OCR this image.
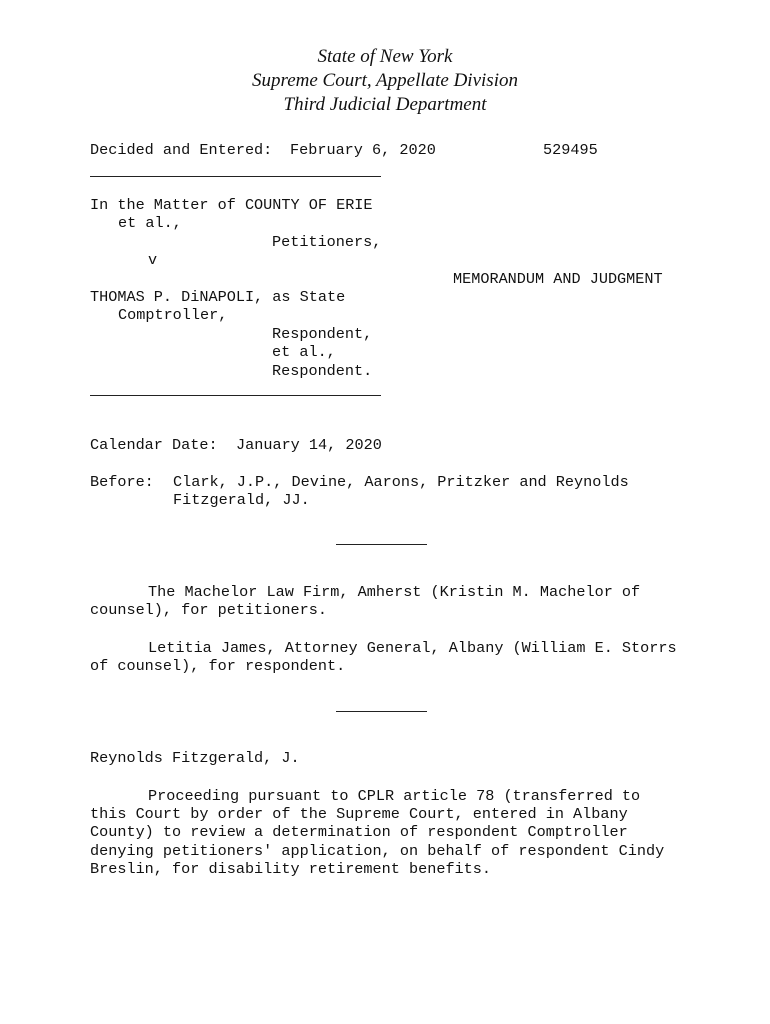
State of New York
Supreme Court, Appellate Division
Third Judicial Department
Decided and Entered: February 6, 2020	529495
In the Matter of COUNTY OF ERIE
et al.,
Petitioners,
v
THOMAS P. DiNAPOLI, as State
Comptroller,
Respondent,
et al.,
Respondent.
MEMORANDUM AND JUDGMENT
Calendar Date: January 14, 2020
Before: Clark, J.P., Devine, Aarons, Pritzker and Reynolds
Fitzgerald, JJ.
The Machelor Law Firm, Amherst (Kristin M. Machelor of
counsel), for petitioners.
Letitia James, Attorney General, Albany (William E. Storrs
of counsel), for respondent.
Reynolds Fitzgerald, J.
Proceeding pursuant to CPLR article 78 (transferred to
this Court by order of the Supreme Court, entered in Albany
County) to review a determination of respondent Comptroller
denying petitioners' application, on behalf of respondent Cindy
Breslin, for disability retirement benefits.
